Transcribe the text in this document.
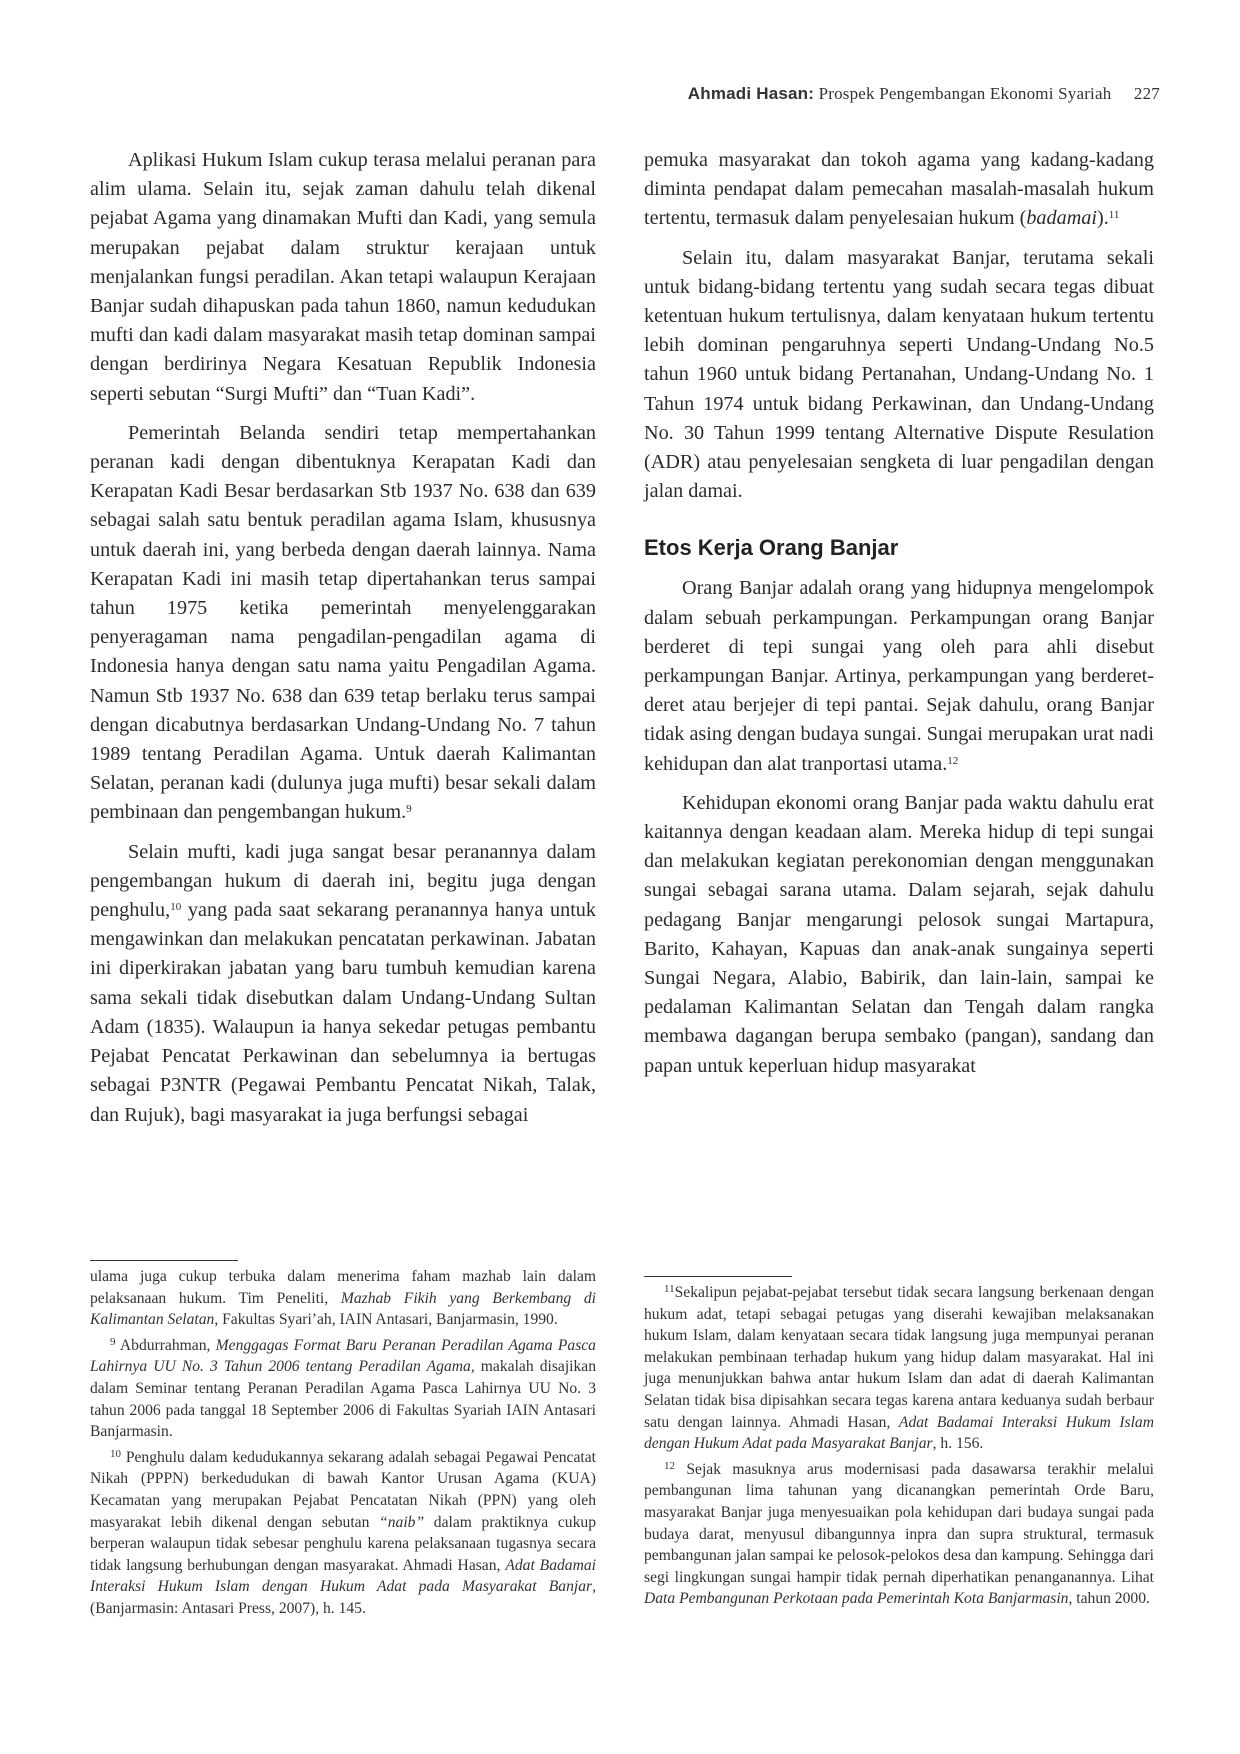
Ahmadi Hasan: Prospek Pengembangan Ekonomi Syariah 227

Aplikasi Hukum Islam cukup terasa melalui peranan para alim ulama. Selain itu, sejak zaman dahulu telah dikenal pejabat Agama yang dinamakan Mufti dan Kadi, yang semula merupakan pejabat dalam struktur kerajaan untuk menjalankan fungsi peradilan. Akan tetapi walaupun Kerajaan Banjar sudah dihapuskan pada tahun 1860, namun kedudukan mufti dan kadi dalam masyarakat masih tetap dominan sampai dengan berdirinya Negara Kesatuan Republik Indonesia seperti sebutan “Surgi Mufti” dan “Tuan Kadi”.

Pemerintah Belanda sendiri tetap mempertahankan peranan kadi dengan dibentuknya Kerapatan Kadi dan Kerapatan Kadi Besar berdasarkan Stb 1937 No. 638 dan 639 sebagai salah satu bentuk peradilan agama Islam, khususnya untuk daerah ini, yang berbeda dengan daerah lainnya. Nama Kerapatan Kadi ini masih tetap dipertahankan terus sampai tahun 1975 ketika pemerintah menyelenggarakan penyeragaman nama pengadilan-pengadilan agama di Indonesia hanya dengan satu nama yaitu Pengadilan Agama. Namun Stb 1937 No. 638 dan 639 tetap berlaku terus sampai dengan dicabutnya berdasarkan Undang-Undang No. 7 tahun 1989 tentang Peradilan Agama. Untuk daerah Kalimantan Selatan, peranan kadi (dulunya juga mufti) besar sekali dalam pembinaan dan pengembangan hukum.$^9$

Selain mufti, kadi juga sangat besar peranannya dalam pengembangan hukum di daerah ini, begitu juga dengan penghulu,$^{10}$ yang pada saat sekarang peranannya hanya untuk mengawinkan dan melakukan pencatatan perkawinan. Jabatan ini diperkirakan jabatan yang baru tumbuh kemudian karena sama sekali tidak disebutkan dalam Undang-Undang Sultan Adam (1835). Walaupun ia hanya sekedar petugas pembantu Pejabat Pencatat Perkawinan dan sebelumnya ia bertugas sebagai P3NTR (Pegawai Pembantu Pencatat Nikah, Talak, dan Rujuk), bagi masyarakat ia juga berfungsi sebagai

pemuka masyarakat dan tokoh agama yang kadang-kadang diminta pendapat dalam pemecahan masalah-masalah hukum tertentu, termasuk dalam penyelesaian hukum (badamai).$^{11}$

Selain itu, dalam masyarakat Banjar, terutama sekali untuk bidang-bidang tertentu yang sudah secara tegas dibuat ketentuan hukum tertulisnya, dalam kenyataan hukum tertentu lebih dominan pengaruhnya seperti Undang-Undang No.5 tahun 1960 untuk bidang Pertanahan, Undang-Undang No. 1 Tahun 1974 untuk bidang Perkawinan, dan Undang-Undang No. 30 Tahun 1999 tentang Alternative Dispute Resulation (ADR) atau penyelesaian sengketa di luar pengadilan dengan jalan damai.

Etos Kerja Orang Banjar

Orang Banjar adalah orang yang hidupnya mengelompok dalam sebuah perkampungan. Perkampungan orang Banjar berderet di tepi sungai yang oleh para ahli disebut perkampungan Banjar. Artinya, perkampungan yang berderet-deret atau berjejer di tepi pantai. Sejak dahulu, orang Banjar tidak asing dengan budaya sungai. Sungai merupakan urat nadi kehidupan dan alat tranportasi utama.$^{12}$

Kehidupan ekonomi orang Banjar pada waktu dahulu erat kaitannya dengan keadaan alam. Mereka hidup di tepi sungai dan melakukan kegiatan perekonomian dengan menggunakan sungai sebagai sarana utama. Dalam sejarah, sejak dahulu pedagang Banjar mengarungi pelosok sungai Martapura, Barito, Kahayan, Kapuas dan anak-anak sungainya seperti Sungai Negara, Alabio, Babirik, dan lain-lain, sampai ke pedalaman Kalimantan Selatan dan Tengah dalam rangka membawa dagangan berupa sembako (pangan), sandang dan papan untuk keperluan hidup masyarakat

ulama juga cukup terbuka dalam menerima faham mazhab lain dalam pelaksanaan hukum. Tim Peneliti, Mazhab Fikih yang Berkembang di Kalimantan Selatan, Fakultas Syari’ah, IAIN Antasari, Banjarmasin, 1990.

$^9$ Abdurrahman, Menggagas Format Baru Peranan Peradilan Agama Pasca Lahirnya UU No. 3 Tahun 2006 tentang Peradilan Agama, makalah disajikan dalam Seminar tentang Peranan Peradilan Agama Pasca Lahirnya UU No. 3 tahun 2006 pada tanggal 18 September 2006 di Fakultas Syariah IAIN Antasari Banjarmasin.

$^{10}$ Penghulu dalam kedudukannya sekarang adalah sebagai Pegawai Pencatat Nikah (PPPN) berkedudukan di bawah Kantor Urusan Agama (KUA) Kecamatan yang merupakan Pejabat Pencatatan Nikah (PPN) yang oleh masyarakat lebih dikenal dengan sebutan “naib” dalam praktiknya cukup berperan walaupun tidak sebesar penghulu karena pelaksanaan tugasnya secara tidak langsung berhubungan dengan masyarakat. Ahmadi Hasan, Adat Badamai Interaksi Hukum Islam dengan Hukum Adat pada Masyarakat Banjar, (Banjarmasin: Antasari Press, 2007), h. 145.

$^{11}$Sekalipun pejabat-pejabat tersebut tidak secara langsung berkenaan dengan hukum adat, tetapi sebagai petugas yang diserahi kewajiban melaksanakan hukum Islam, dalam kenyataan secara tidak langsung juga mempunyai peranan melakukan pembinaan terhadap hukum yang hidup dalam masyarakat. Hal ini juga menunjukkan bahwa antar hukum Islam dan adat di daerah Kalimantan Selatan tidak bisa dipisahkan secara tegas karena antara keduanya sudah berbaur satu dengan lainnya. Ahmadi Hasan, Adat Badamai Interaksi Hukum Islam dengan Hukum Adat pada Masyarakat Banjar, h. 156.

$^{12}$ Sejak masuknya arus modernisasi pada dasawarsa terakhir melalui pembangunan lima tahunan yang dicanangkan pemerintah Orde Baru, masyarakat Banjar juga menyesuaikan pola kehidupan dari budaya sungai pada budaya darat, menyusul dibangunnya inpra dan supra struktural, termasuk pembangunan jalan sampai ke pelosok-pelokos desa dan kampung. Sehingga dari segi lingkungan sungai hampir tidak pernah diperhatikan penanganannya. Lihat Data Pembangunan Perkotaan pada Pemerintah Kota Banjarmasin, tahun 2000.
